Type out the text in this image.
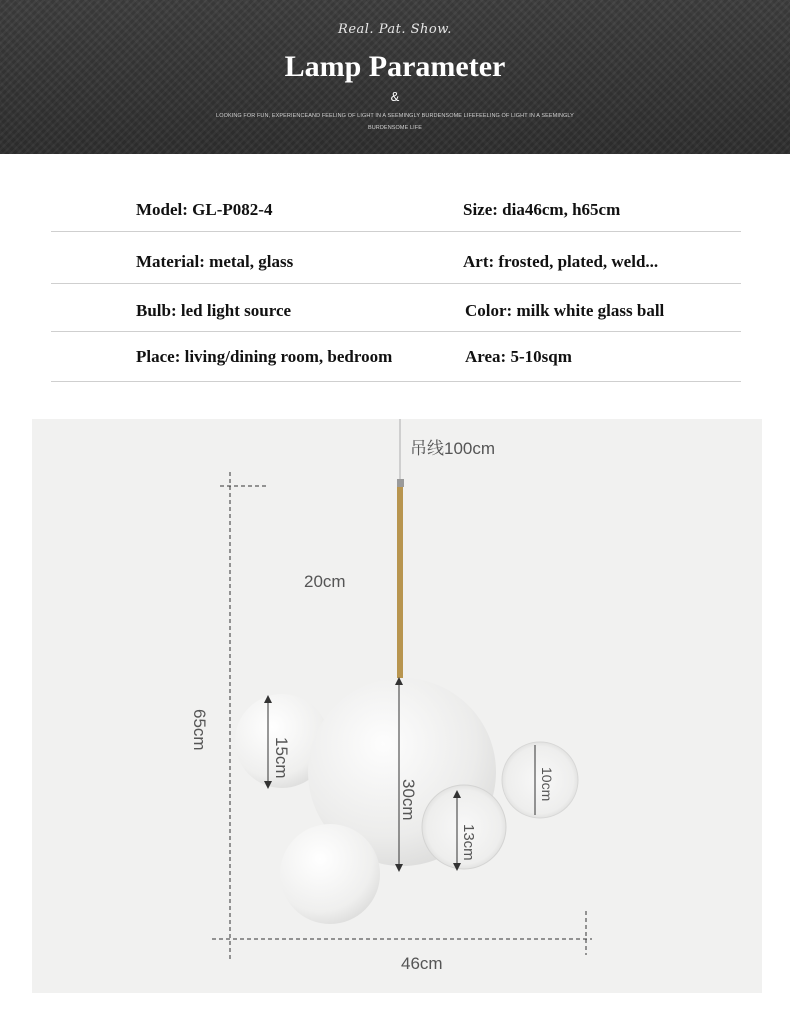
Real. Pat. Show.
Lamp Parameter
&
LOOKING FOR FUN, EXPERIENCEAND FEELING OF LIGHT IN A SEEMINGLY BURDENSOME LIFEFEELING OF LIGHT IN A SEEMINGLY BURDENSOME LIFE
Model: GL-P082-4	Size: dia46cm, h65cm
Material: metal, glass	Art: frosted, plated, weld...
Bulb: led light source	Color: milk white glass ball
Place: living/dining room, bedroom	Area: 5-10sqm
吊线100cm
20cm
65cm
15cm
30cm
13cm
10cm
46cm
